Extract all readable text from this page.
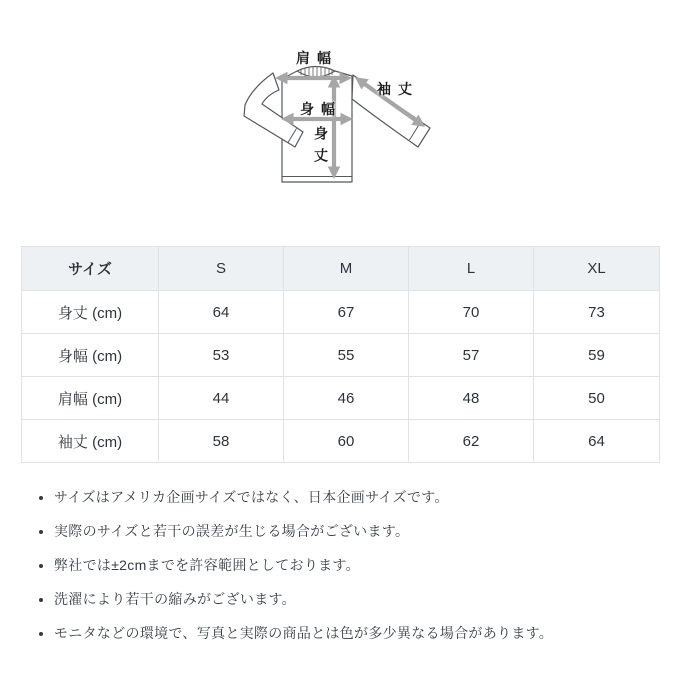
肩幅
袖丈
身幅
身丈
サイズ	S	M	L	XL
身丈 (cm)	64	67	70	73
身幅 (cm)	53	55	57	59
肩幅 (cm)	44	46	48	50
袖丈 (cm)	58	60	62	64
• サイズはアメリカ企画サイズではなく、日本企画サイズです。
• 実際のサイズと若干の誤差が生じる場合がございます。
• 弊社では±2cmまでを許容範囲としております。
• 洗濯により若干の縮みがございます。
• モニタなどの環境で、写真と実際の商品とは色が多少異なる場合があります。
